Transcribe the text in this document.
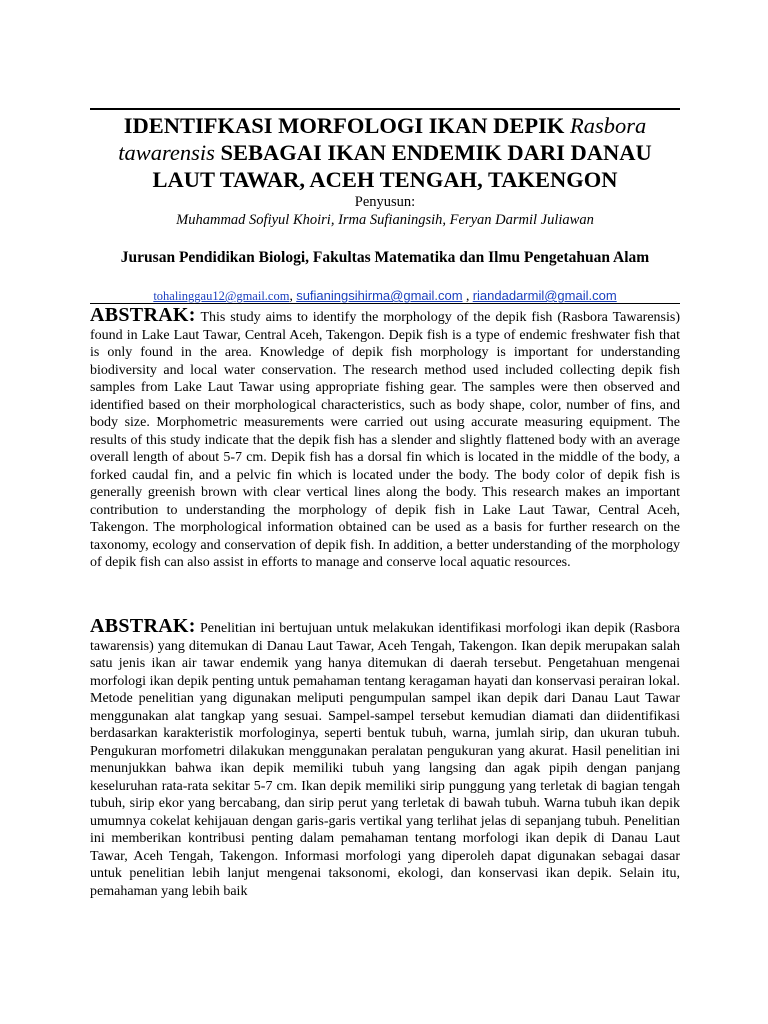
IDENTIFKASI MORFOLOGI IKAN DEPIK Rasbora tawarensis SEBAGAI IKAN ENDEMIK DARI DANAU LAUT TAWAR, ACEH TENGAH, TAKENGON
Penyusun:
Muhammad Sofiyul Khoiri, Irma Sufianingsih, Feryan Darmil Juliawan
Jurusan Pendidikan Biologi, Fakultas Matematika dan Ilmu Pengetahuan Alam
tohalinggau12@gmail.com, sufianingsihirma@gmail.com , riandadarmil@gmail.com
ABSTRAK: This study aims to identify the morphology of the depik fish (Rasbora Tawarensis) found in Lake Laut Tawar, Central Aceh, Takengon. Depik fish is a type of endemic freshwater fish that is only found in the area. Knowledge of depik fish morphology is important for understanding biodiversity and local water conservation. The research method used included collecting depik fish samples from Lake Laut Tawar using appropriate fishing gear. The samples were then observed and identified based on their morphological characteristics, such as body shape, color, number of fins, and body size. Morphometric measurements were carried out using accurate measuring equipment. The results of this study indicate that the depik fish has a slender and slightly flattened body with an average overall length of about 5-7 cm. Depik fish has a dorsal fin which is located in the middle of the body, a forked caudal fin, and a pelvic fin which is located under the body. The body color of depik fish is generally greenish brown with clear vertical lines along the body. This research makes an important contribution to understanding the morphology of depik fish in Lake Laut Tawar, Central Aceh, Takengon. The morphological information obtained can be used as a basis for further research on the taxonomy, ecology and conservation of depik fish. In addition, a better understanding of the morphology of depik fish can also assist in efforts to manage and conserve local aquatic resources.
ABSTRAK: Penelitian ini bertujuan untuk melakukan identifikasi morfologi ikan depik (Rasbora tawarensis) yang ditemukan di Danau Laut Tawar, Aceh Tengah, Takengon. Ikan depik merupakan salah satu jenis ikan air tawar endemik yang hanya ditemukan di daerah tersebut. Pengetahuan mengenai morfologi ikan depik penting untuk pemahaman tentang keragaman hayati dan konservasi perairan lokal. Metode penelitian yang digunakan meliputi pengumpulan sampel ikan depik dari Danau Laut Tawar menggunakan alat tangkap yang sesuai. Sampel-sampel tersebut kemudian diamati dan diidentifikasi berdasarkan karakteristik morfologinya, seperti bentuk tubuh, warna, jumlah sirip, dan ukuran tubuh. Pengukuran morfometri dilakukan menggunakan peralatan pengukuran yang akurat. Hasil penelitian ini menunjukkan bahwa ikan depik memiliki tubuh yang langsing dan agak pipih dengan panjang keseluruhan rata-rata sekitar 5-7 cm. Ikan depik memiliki sirip punggung yang terletak di bagian tengah tubuh, sirip ekor yang bercabang, dan sirip perut yang terletak di bawah tubuh. Warna tubuh ikan depik umumnya cokelat kehijauan dengan garis-garis vertikal yang terlihat jelas di sepanjang tubuh. Penelitian ini memberikan kontribusi penting dalam pemahaman tentang morfologi ikan depik di Danau Laut Tawar, Aceh Tengah, Takengon. Informasi morfologi yang diperoleh dapat digunakan sebagai dasar untuk penelitian lebih lanjut mengenai taksonomi, ekologi, dan konservasi ikan depik. Selain itu, pemahaman yang lebih baik
